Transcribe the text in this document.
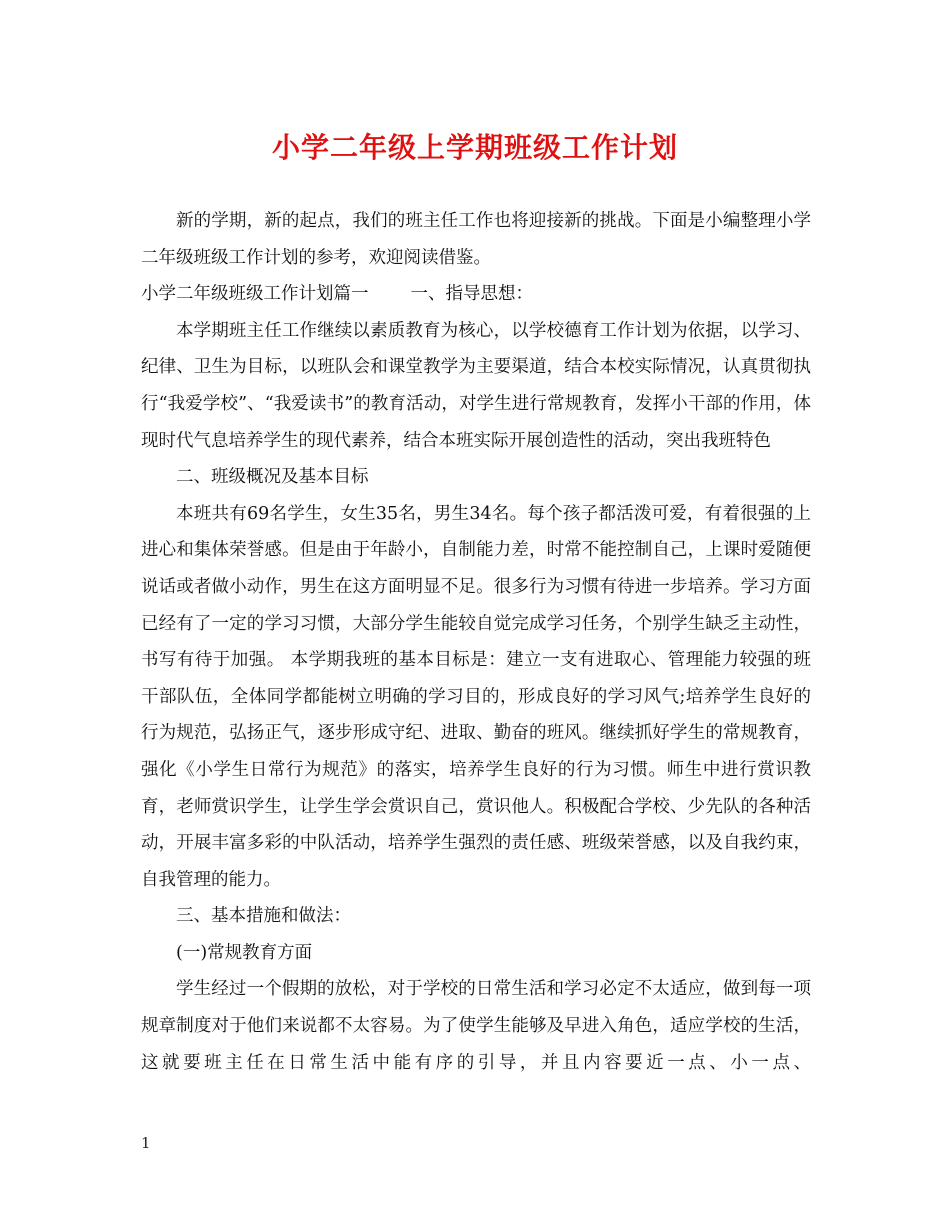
小学二年级上学期班级工作计划

新的学期，新的起点，我们的班主任工作也将迎接新的挑战。下面是小编整理小学二年级班级工作计划的参考，欢迎阅读借鉴。

小学二年级班级工作计划篇一 一、指导思想：

本学期班主任工作继续以素质教育为核心，以学校德育工作计划为依据，以学习、纪律、卫生为目标，以班队会和课堂教学为主要渠道，结合本校实际情况，认真贯彻执行“我爱学校”、“我爱读书”的教育活动，对学生进行常规教育，发挥小干部的作用，体现时代气息培养学生的现代素养，结合本班实际开展创造性的活动，突出我班特色

二、班级概况及基本目标

本班共有69名学生，女生35名，男生34名。每个孩子都活泼可爱，有着很强的上进心和集体荣誉感。但是由于年龄小，自制能力差，时常不能控制自己，上课时爱随便说话或者做小动作，男生在这方面明显不足。很多行为习惯有待进一步培养。学习方面已经有了一定的学习习惯，大部分学生能较自觉完成学习任务，个别学生缺乏主动性，书写有待于加强。 本学期我班的基本目标是：建立一支有进取心、管理能力较强的班干部队伍，全体同学都能树立明确的学习目的，形成良好的学习风气;培养学生良好的行为规范，弘扬正气，逐步形成守纪、进取、勤奋的班风。继续抓好学生的常规教育，强化《小学生日常行为规范》的落实，培养学生良好的行为习惯。师生中进行赏识教育，老师赏识学生，让学生学会赏识自己，赏识他人。积极配合学校、少先队的各种活动，开展丰富多彩的中队活动，培养学生强烈的责任感、班级荣誉感，以及自我约束，自我管理的能力。

三、基本措施和做法：

(一)常规教育方面

学生经过一个假期的放松，对于学校的日常生活和学习必定不太适应，做到每一项规章制度对于他们来说都不太容易。为了使学生能够及早进入角色，适应学校的生活，这就要班主任在日常生活中能有序的引导，并且内容要近一点、小一点、

1
